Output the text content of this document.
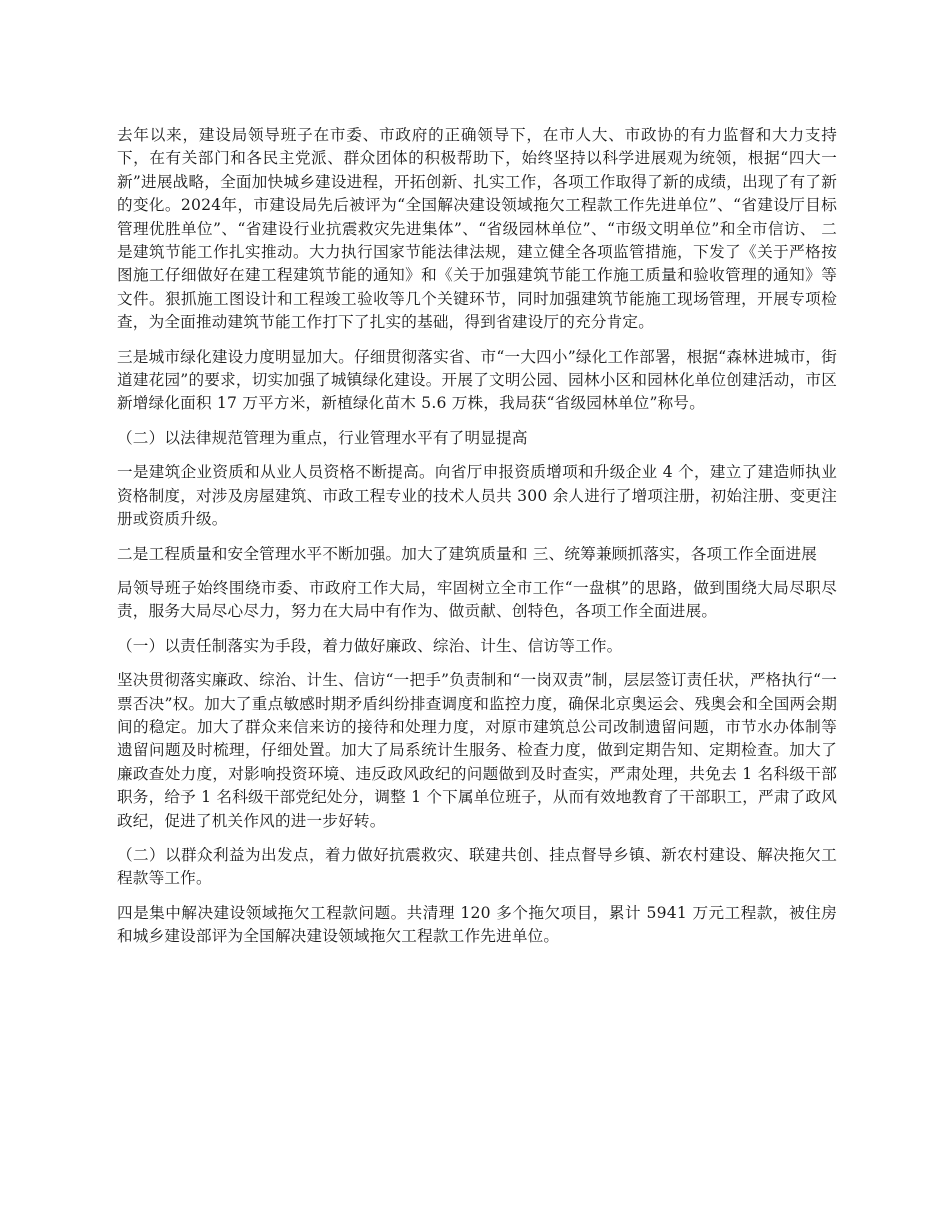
去年以来，建设局领导班子在市委、市政府的正确领导下，在市人大、市政协的有力监督和大力支持下，在有关部门和各民主党派、群众团体的积极帮助下，始终坚持以科学进展观为统领，根据“四大一新”进展战略，全面加快城乡建设进程，开拓创新、扎实工作，各项工作取得了新的成绩，出现了有了新的变化。2024年，市建设局先后被评为“全国解决建设领域拖欠工程款工作先进单位”、“省建设厅目标管理优胜单位”、“省建设行业抗震救灾先进集体”、“省级园林单位”、“市级文明单位”和全市信访、 二是建筑节能工作扎实推动。大力执行国家节能法律法规，建立健全各项监管措施，下发了《关于严格按图施工仔细做好在建工程建筑节能的通知》和《关于加强建筑节能工作施工质量和验收管理的通知》等文件。狠抓施工图设计和工程竣工验收等几个关键环节，同时加强建筑节能施工现场管理，开展专项检查，为全面推动建筑节能工作打下了扎实的基础，得到省建设厅的充分肯定。

三是城市绿化建设力度明显加大。仔细贯彻落实省、市“一大四小”绿化工作部署，根据“森林进城市，街道建花园”的要求，切实加强了城镇绿化建设。开展了文明公园、园林小区和园林化单位创建活动，市区新增绿化面积 17 万平方米，新植绿化苗木 5.6 万株，我局获“省级园林单位”称号。

（二）以法律规范管理为重点，行业管理水平有了明显提高

一是建筑企业资质和从业人员资格不断提高。向省厅申报资质增项和升级企业 4 个，建立了建造师执业资格制度，对涉及房屋建筑、市政工程专业的技术人员共 300 余人进行了增项注册，初始注册、变更注册或资质升级。

二是工程质量和安全管理水平不断加强。加大了建筑质量和 三、统筹兼顾抓落实，各项工作全面进展

局领导班子始终围绕市委、市政府工作大局，牢固树立全市工作“一盘棋”的思路，做到围绕大局尽职尽责，服务大局尽心尽力，努力在大局中有作为、做贡献、创特色，各项工作全面进展。

（一）以责任制落实为手段，着力做好廉政、综治、计生、信访等工作。

坚决贯彻落实廉政、综治、计生、信访“一把手”负责制和“一岗双责”制，层层签订责任状，严格执行“一票否决”权。加大了重点敏感时期矛盾纠纷排查调度和监控力度，确保北京奥运会、残奥会和全国两会期间的稳定。加大了群众来信来访的接待和处理力度，对原市建筑总公司改制遗留问题，市节水办体制等遗留问题及时梳理，仔细处置。加大了局系统计生服务、检查力度，做到定期告知、定期检查。加大了廉政查处力度，对影响投资环境、违反政风政纪的问题做到及时查实，严肃处理，共免去 1 名科级干部职务，给予 1 名科级干部党纪处分，调整 1 个下属单位班子，从而有效地教育了干部职工，严肃了政风政纪，促进了机关作风的进一步好转。

（二）以群众利益为出发点，着力做好抗震救灾、联建共创、挂点督导乡镇、新农村建设、解决拖欠工程款等工作。

四是集中解决建设领域拖欠工程款问题。共清理 120 多个拖欠项目，累计 5941 万元工程款，被住房和城乡建设部评为全国解决建设领域拖欠工程款工作先进单位。
